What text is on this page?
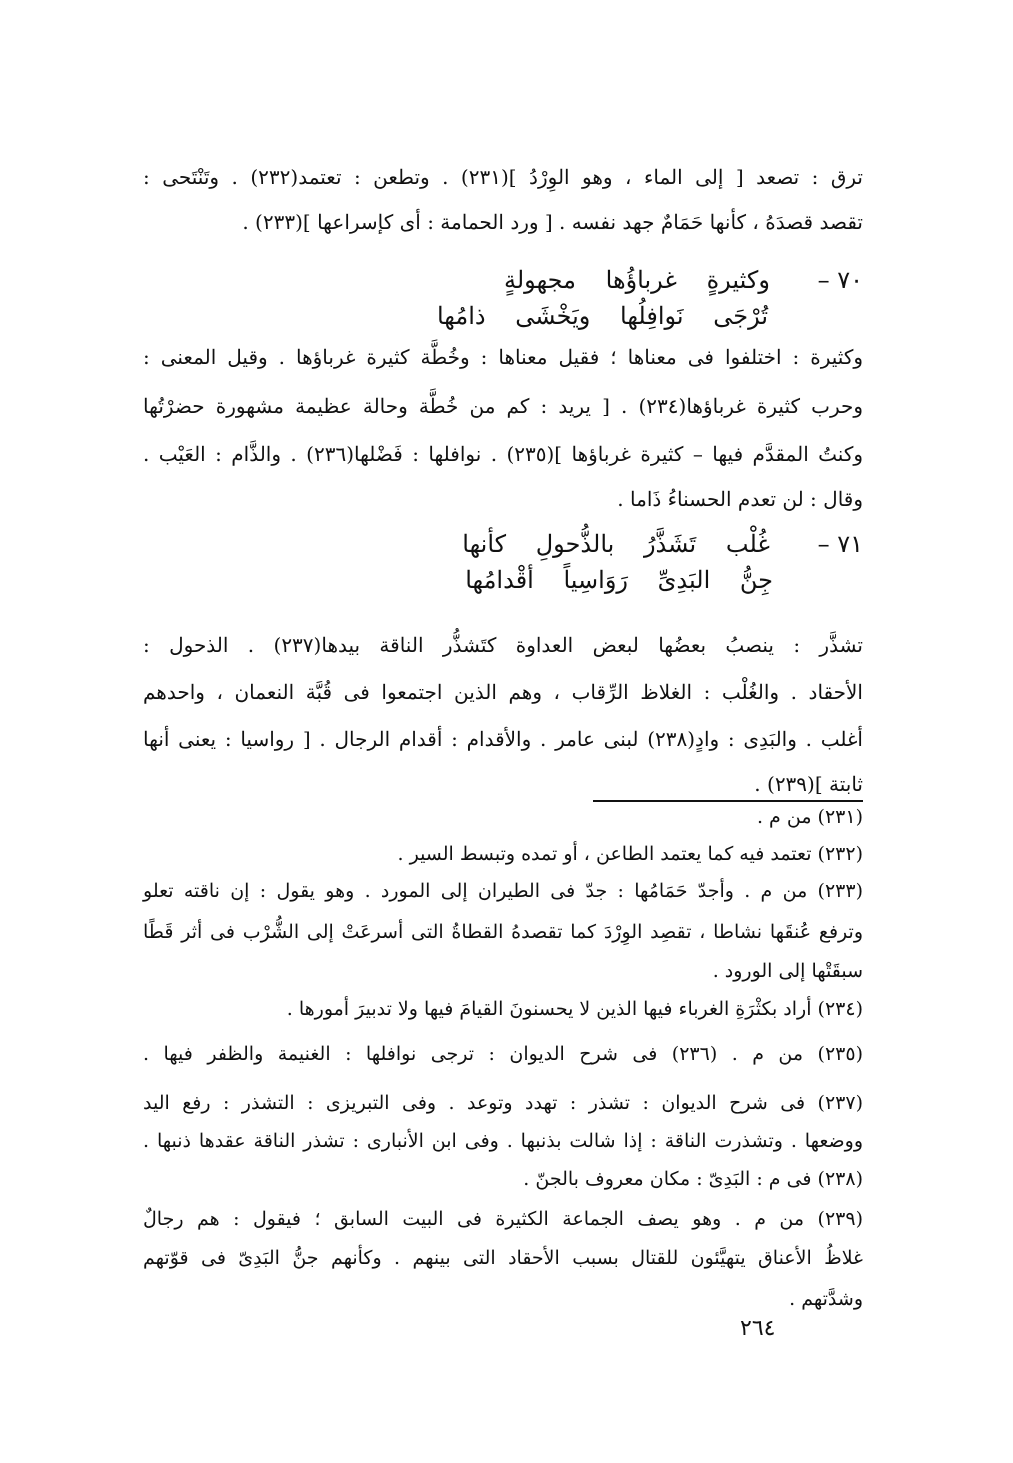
ترق : تصعد [ إلى الماء ، وهو الوِرْدُ ](٢٣١) . وتطعن : تعتمد(٢٣٢) . وتَنْتَحى :
تقصد قصدَهُ ، كأنها حَمَامٌ جهد نفسه . [ ورد الحمامة : أى كإسراعها ](٢٣٣) .
٧٠ – وكثيرةٍ غرباؤُها مجهولةٍ
تُرْجَى نَوافِلُها ويَخْشَى ذامُها
وكثيرة : اختلفوا فى معناها ؛ فقيل معناها : وخُطَّة كثيرة غرباؤها . وقيل المعنى :
وحرب كثيرة غرباؤها(٢٣٤) . [ يريد : كم من خُطَّة وحالة عظيمة مشهورة حضرْتُها
وكنتُ المقدَّم فيها – كثيرة غرباؤها ](٢٣٥) . نوافلها : فَضْلها(٢٣٦) . والذَّام : العَيْب .
وقال : لن تعدم الحسناءُ ذَاما .
٧١ – غُلْب تَشَذَّرُ بالذُّحولِ كأنها
جِنُّ البَدِىِّ رَوَاسِياً أقْدامُها
تشذَّر : ينصبُ بعضُها لبعض العداوة كتَشذُّر الناقة بيدها(٢٣٧) . الذحول :
الأحقاد . والغُلْب : الغلاظ الرِّقاب ، وهم الذين اجتمعوا فى قُبَّة النعمان ، واحدهم
أغلب . والبَدِى : وادٍ(٢٣٨) لبنى عامر . والأقدام : أقدام الرجال . [ رواسيا : يعنى أنها
ثابتة ](٢٣٩) .
(٢٣١) من م .
(٢٣٢) تعتمد فيه كما يعتمد الطاعن ، أو تمده وتبسط السير .
(٢٣٣) من م . وأجدّ حَمَامُها : جدّ فى الطيران إلى المورد . وهو يقول : إن ناقته تعلو
وترفع عُنقَها نشاطا ، تقصِد الوِرْدَ كما تقصدهُ القطاةُ التى أسرعَتْ إلى الشُّرْب فى أثر قَطًا
سبقَتْها إلى الورود .
(٢٣٤) أراد بكثْرَةِ الغرباء فيها الذين لا يحسنونَ القيامَ فيها ولا تدبيرَ أمورها .
(٢٣٥) من م . (٢٣٦) فى شرح الديوان : ترجى نوافلها : الغنيمة والظفر فيها .
(٢٣٧) فى شرح الديوان : تشذر : تهدد وتوعد . وفى التبريزى : التشذر : رفع اليد
ووضعها . وتشذرت الناقة : إذا شالت بذنبها . وفى ابن الأنبارى : تشذر الناقة عقدها ذنبها .
(٢٣٨) فى م : البَدِىّ : مكان معروف بالجنّ .
(٢٣٩) من م . وهو يصف الجماعة الكثيرة فى البيت السابق ؛ فيقول : هم رجالٌ
غلاظُ الأعناق يتهيَّئون للقتال بسبب الأحقاد التى بينهم . وكأنهم جنُّ البَدِىّ فى قوّتهم
وشدَّتهم .
٢٦٤
